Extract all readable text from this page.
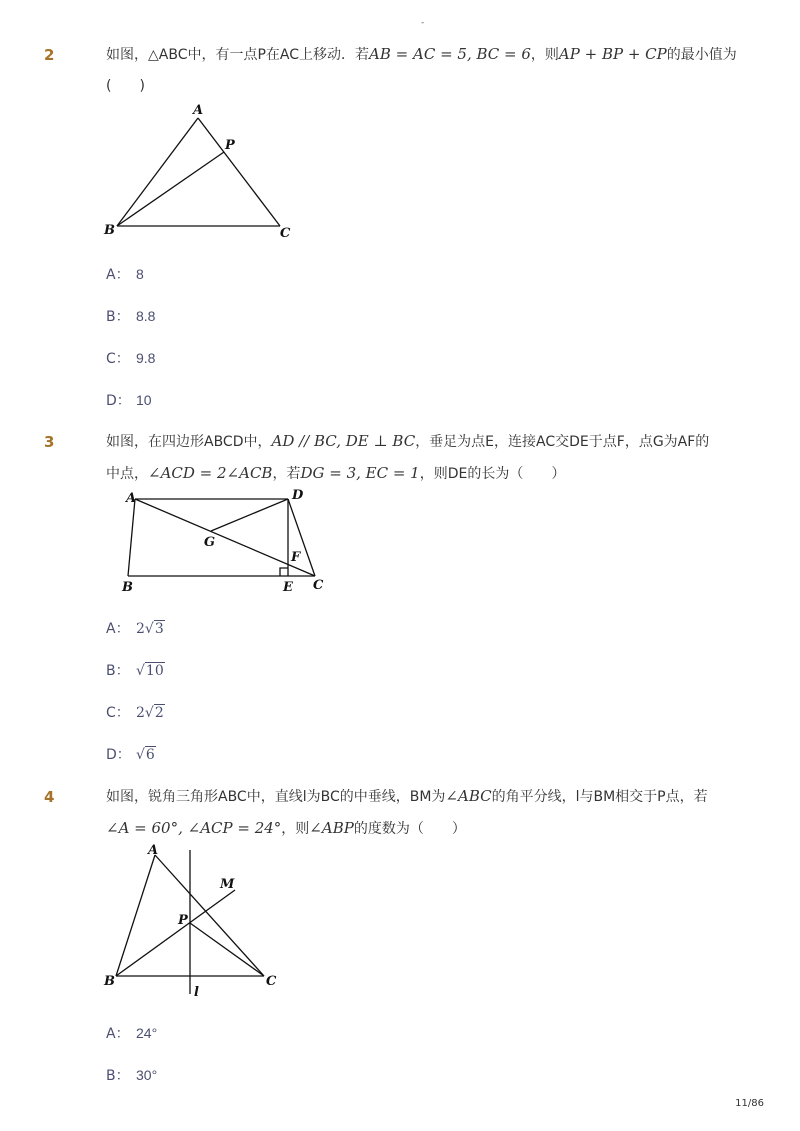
-
2	如图，△ABC中，有一点P在AC上移动．若AB = AC = 5, BC = 6，则AP + BP + CP的最小值为
(　　)
A
P
B	C
A： 8
B： 8.8
C： 9.8
D： 10
3	如图，在四边形ABCD中，AD // BC, DE ⊥ BC，垂足为点E，连接AC交DE于点F，点G为AF的
中点，∠ACD = 2∠ACB，若DG = 3, EC = 1，则DE的长为（　　）
A	D
G
F
B	E C
A： 2√3
B： √10
C： 2√2
D： √6
4	如图，锐角三角形ABC中，直线l为BC的中垂线，BM为∠ABC的角平分线，l与BM相交于P点，若
∠A = 60°, ∠ACP = 24°，则∠ABP的度数为（　　）
A
M
P
B	C
l
A： 24°
B： 30°
11/86
